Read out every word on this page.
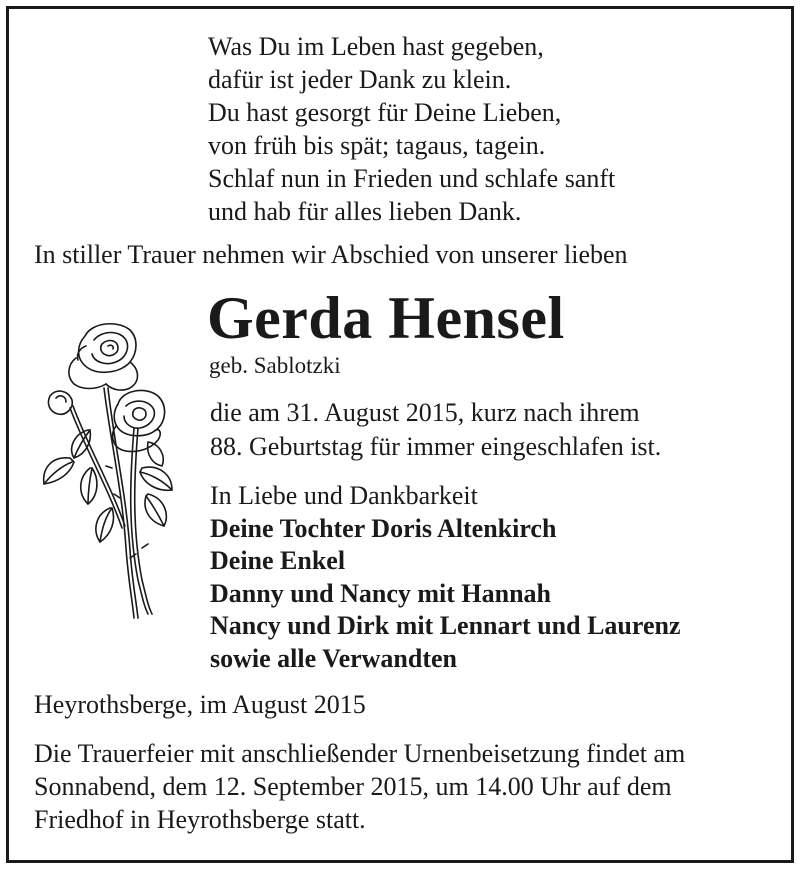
Was Du im Leben hast gegeben,
dafür ist jeder Dank zu klein.
Du hast gesorgt für Deine Lieben,
von früh bis spät; tagaus, tagein.
Schlaf nun in Frieden und schlafe sanft
und hab für alles lieben Dank.
In stiller Trauer nehmen wir Abschied von unserer lieben
Gerda Hensel
geb. Sablotzki
die am 31. August 2015, kurz nach ihrem
88. Geburtstag für immer eingeschlafen ist.
In Liebe und Dankbarkeit
Deine Tochter Doris Altenkirch
Deine Enkel
Danny und Nancy mit Hannah
Nancy und Dirk mit Lennart und Laurenz
sowie alle Verwandten
Heyrothsberge, im August 2015
Die Trauerfeier mit anschließender Urnenbeisetzung findet am
Sonnabend, dem 12. September 2015, um 14.00 Uhr auf dem
Friedhof in Heyrothsberge statt.
